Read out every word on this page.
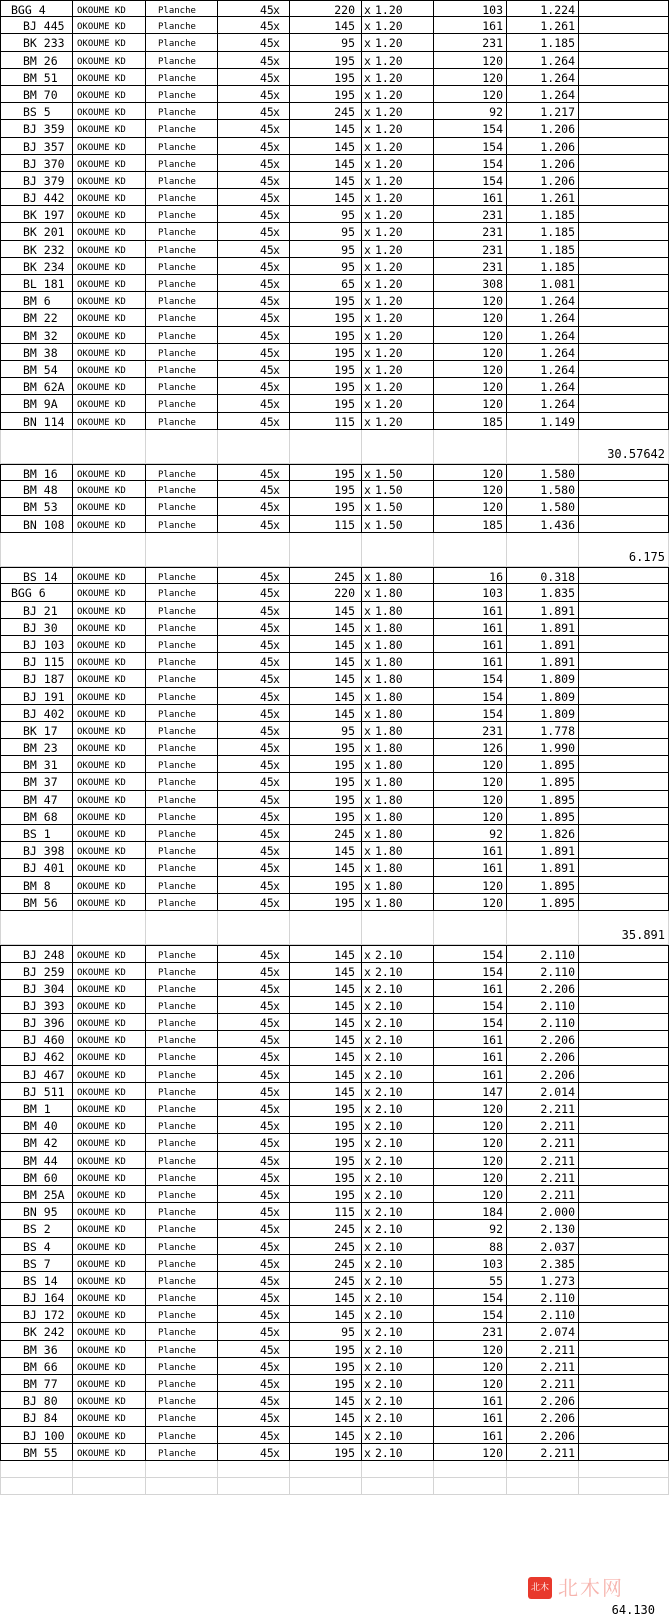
BGG 4	OKOUME KD	Planche	45 x	220 x 1.20	103	1.224
BJ 445 OKOUME KD	Planche	45 x	145 x 1.20	161	1.261
BK 233 OKOUME KD	Planche	45 x	95 x 1.20	231	1.185
BM 26 OKOUME KD	Planche	45 x	195 x 1.20	120	1.264
BM 51 OKOUME KD	Planche	45 x	195 x 1.20	120	1.264
BM 70 OKOUME KD	Planche	45 x	195 x 1.20	120	1.264
BS 5	OKOUME KD	Planche	45 x	245 x 1.20	92	1.217
BJ 359 OKOUME KD	Planche	45 x	145 x 1.20	154	1.206
BJ 357 OKOUME KD	Planche	45 x	145 x 1.20	154	1.206
BJ 370 OKOUME KD	Planche	45 x	145 x 1.20	154	1.206
BJ 379 OKOUME KD	Planche	45 x	145 x 1.20	154	1.206
BJ 442 OKOUME KD	Planche	45 x	145 x 1.20	161	1.261
BK 197 OKOUME KD	Planche	45 x	95 x 1.20	231	1.185
BK 201 OKOUME KD	Planche	45 x	95 x 1.20	231	1.185
BK 232 OKOUME KD	Planche	45 x	95 x 1.20	231	1.185
BK 234 OKOUME KD	Planche	45 x	95 x 1.20	231	1.185
BL 181 OKOUME KD	Planche	45 x	65 x 1.20	308	1.081
BM 6	OKOUME KD	Planche	45 x	195 x 1.20	120	1.264
BM 22 OKOUME KD	Planche	45 x	195 x 1.20	120	1.264
BM 32 OKOUME KD	Planche	45 x	195 x 1.20	120	1.264
BM 38 OKOUME KD	Planche	45 x	195 x 1.20	120	1.264
BM 54 OKOUME KD	Planche	45 x	195 x 1.20	120	1.264
BM 62A OKOUME KD	Planche	45 x	195 x 1.20	120	1.264
BM 9A OKOUME KD	Planche	45 x	195 x 1.20	120	1.264
BN 114 OKOUME KD	Planche	45 x	115 x 1.20	185	1.149
30.57642
BM 16 OKOUME KD	Planche	45 x	195 x 1.50	120	1.580
BM 48 OKOUME KD	Planche	45 x	195 x 1.50	120	1.580
BM 53 OKOUME KD	Planche	45 x	195 x 1.50	120	1.580
BN 108 OKOUME KD	Planche	45 x	115 x 1.50	185	1.436
6.175
BS 14 OKOUME KD	Planche	45 x	245 x 1.80	16	0.318
BGG 6	OKOUME KD	Planche	45 x	220 x 1.80	103	1.835
BJ 21 OKOUME KD	Planche	45 x	145 x 1.80	161	1.891
BJ 30 OKOUME KD	Planche	45 x	145 x 1.80	161	1.891
BJ 103 OKOUME KD	Planche	45 x	145 x 1.80	161	1.891
BJ 115 OKOUME KD	Planche	45 x	145 x 1.80	161	1.891
BJ 187 OKOUME KD	Planche	45 x	145 x 1.80	154	1.809
BJ 191 OKOUME KD	Planche	45 x	145 x 1.80	154	1.809
BJ 402 OKOUME KD	Planche	45 x	145 x 1.80	154	1.809
BK 17 OKOUME KD	Planche	45 x	95 x 1.80	231	1.778
BM 23 OKOUME KD	Planche	45 x	195 x 1.80	126	1.990
BM 31 OKOUME KD	Planche	45 x	195 x 1.80	120	1.895
BM 37 OKOUME KD	Planche	45 x	195 x 1.80	120	1.895
BM 47 OKOUME KD	Planche	45 x	195 x 1.80	120	1.895
BM 68 OKOUME KD	Planche	45 x	195 x 1.80	120	1.895
BS 1	OKOUME KD	Planche	45 x	245 x 1.80	92	1.826
BJ 398 OKOUME KD	Planche	45 x	145 x 1.80	161	1.891
BJ 401 OKOUME KD	Planche	45 x	145 x 1.80	161	1.891
BM 8	OKOUME KD	Planche	45 x	195 x 1.80	120	1.895
BM 56 OKOUME KD	Planche	45 x	195 x 1.80	120	1.895
35.891
BJ 248 OKOUME KD	Planche	45 x	145 x 2.10	154	2.110
BJ 259 OKOUME KD	Planche	45 x	145 x 2.10	154	2.110
BJ 304 OKOUME KD	Planche	45 x	145 x 2.10	161	2.206
BJ 393 OKOUME KD	Planche	45 x	145 x 2.10	154	2.110
BJ 396 OKOUME KD	Planche	45 x	145 x 2.10	154	2.110
BJ 460 OKOUME KD	Planche	45 x	145 x 2.10	161	2.206
BJ 462 OKOUME KD	Planche	45 x	145 x 2.10	161	2.206
BJ 467 OKOUME KD	Planche	45 x	145 x 2.10	161	2.206
BJ 511 OKOUME KD	Planche	45 x	145 x 2.10	147	2.014
BM 1	OKOUME KD	Planche	45 x	195 x 2.10	120	2.211
BM 40 OKOUME KD	Planche	45 x	195 x 2.10	120	2.211
BM 42 OKOUME KD	Planche	45 x	195 x 2.10	120	2.211
BM 44 OKOUME KD	Planche	45 x	195 x 2.10	120	2.211
BM 60 OKOUME KD	Planche	45 x	195 x 2.10	120	2.211
BM 25A OKOUME KD	Planche	45 x	195 x 2.10	120	2.211
BN 95 OKOUME KD	Planche	45 x	115 x 2.10	184	2.000
BS 2	OKOUME KD	Planche	45 x	245 x 2.10	92	2.130
BS 4	OKOUME KD	Planche	45 x	245 x 2.10	88	2.037
BS 7	OKOUME KD	Planche	45 x	245 x 2.10	103	2.385
BS 14 OKOUME KD	Planche	45 x	245 x 2.10	55	1.273
BJ 164 OKOUME KD	Planche	45 x	145 x 2.10	154	2.110
BJ 172 OKOUME KD	Planche	45 x	145 x 2.10	154	2.110
BK 242 OKOUME KD	Planche	45 x	95 x 2.10	231	2.074
BM 36 OKOUME KD	Planche	45 x	195 x 2.10	120	2.211
BM 66 OKOUME KD	Planche	45 x	195 x 2.10	120	2.211
BM 77 OKOUME KD	Planche	45 x	195 x 2.10	120	2.211
BJ 80 OKOUME KD	Planche	45 x	145 x 2.10	161	2.206
BJ 84 OKOUME KD	Planche	45 x	145 x 2.10	161	2.206
BJ 100 OKOUME KD	Planche	45 x	145 x 2.10	161	2.206
BM 55 OKOUME KD	Planche	45 x	195 x 2.10	120	2.211
64.130
北木 北木网
